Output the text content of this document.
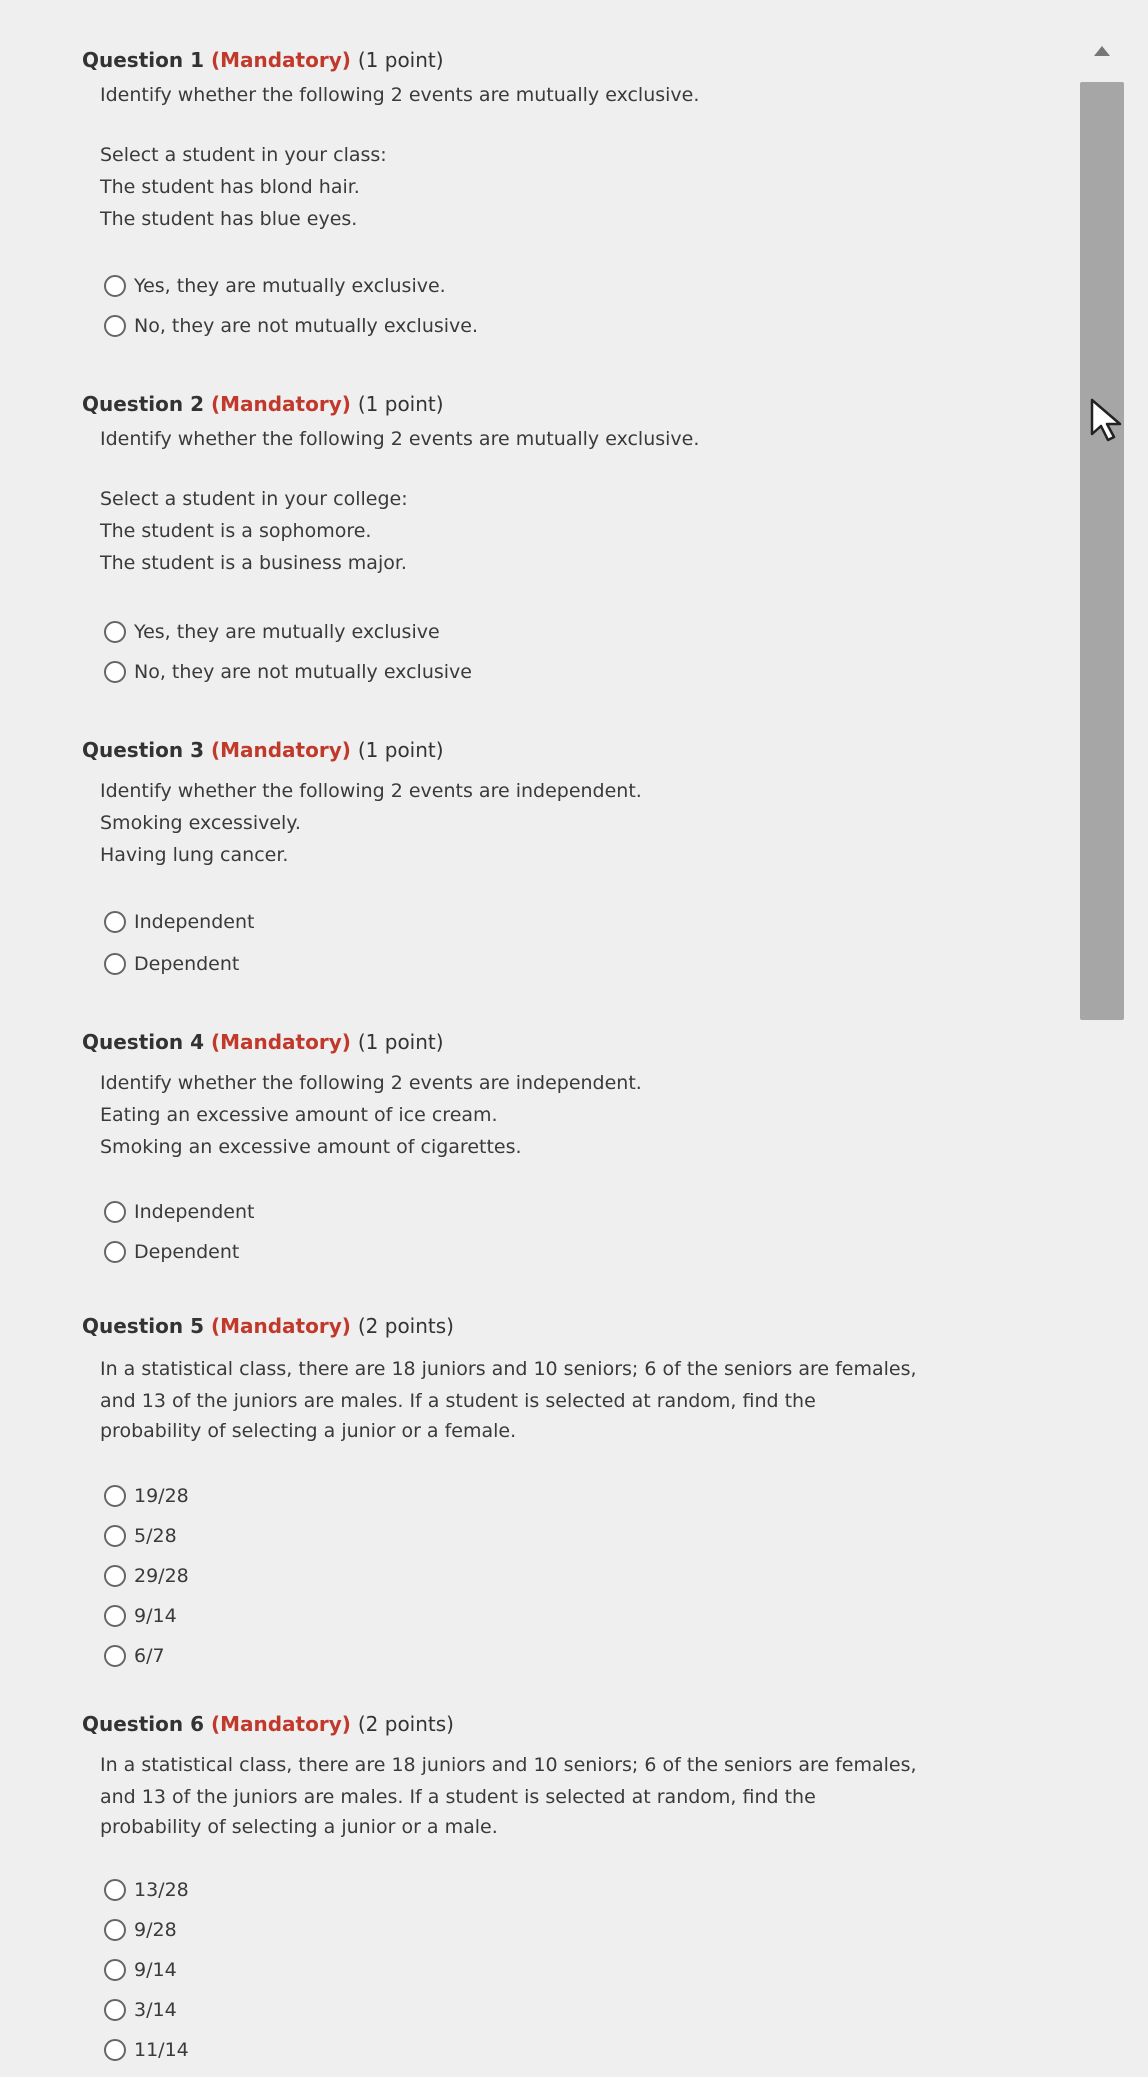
Question 1 (Mandatory) (1 point)
Identify whether the following 2 events are mutually exclusive.
Select a student in your class:
The student has blond hair.
The student has blue eyes.
Yes, they are mutually exclusive.
No, they are not mutually exclusive.
Question 2 (Mandatory) (1 point)
Identify whether the following 2 events are mutually exclusive.
Select a student in your college:
The student is a sophomore.
The student is a business major.
Yes, they are mutually exclusive
No, they are not mutually exclusive
Question 3 (Mandatory) (1 point)
Identify whether the following 2 events are independent.
Smoking excessively.
Having lung cancer.
Independent
Dependent
Question 4 (Mandatory) (1 point)
Identify whether the following 2 events are independent.
Eating an excessive amount of ice cream.
Smoking an excessive amount of cigarettes.
Independent
Dependent
Question 5 (Mandatory) (2 points)
In a statistical class, there are 18 juniors and 10 seniors; 6 of the seniors are females,
and 13 of the juniors are males. If a student is selected at random, find the
probability of selecting a junior or a female.
19/28
5/28
29/28
9/14
6/7
Question 6 (Mandatory) (2 points)
In a statistical class, there are 18 juniors and 10 seniors; 6 of the seniors are females,
and 13 of the juniors are males. If a student is selected at random, find the
probability of selecting a junior or a male.
13/28
9/28
9/14
3/14
11/14
